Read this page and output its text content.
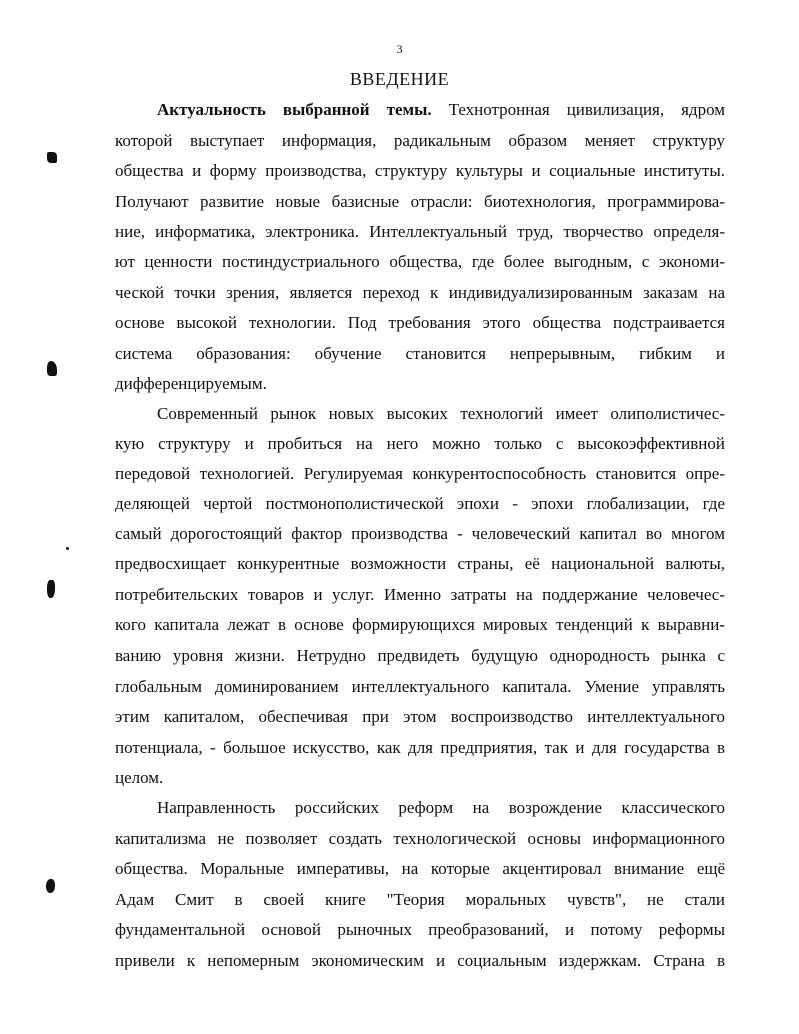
3
ВВЕДЕНИЕ
Актуальность выбранной темы. Технотронная цивилизация, ядром
которой выступает информация, радикальным образом меняет структуру
общества и форму производства, структуру культуры и социальные институты.
Получают развитие новые базисные отрасли: биотехнология, программирова-
ние, информатика, электроника. Интеллектуальный труд, творчество определя-
ют ценности постиндустриального общества, где более выгодным, с экономи-
ческой точки зрения, является переход к индивидуализированным заказам на
основе высокой технологии. Под требования этого общества подстраивается
система образования: обучение становится непрерывным, гибким и
дифференцируемым.
Современный рынок новых высоких технологий имеет олиполистичес-
кую структуру и пробиться на него можно только с высокоэффективной
передовой технологией. Регулируемая конкурентоспособность становится опре-
деляющей чертой постмонополистической эпохи - эпохи глобализации, где
самый дорогостоящий фактор производства - человеческий капитал во многом
предвосхищает конкурентные возможности страны, её национальной валюты,
потребительских товаров и услуг. Именно затраты на поддержание человечес-
кого капитала лежат в основе формирующихся мировых тенденций к выравни-
ванию уровня жизни. Нетрудно предвидеть будущую однородность рынка с
глобальным доминированием интеллектуального капитала. Умение управлять
этим капиталом, обеспечивая при этом воспроизводство интеллектуального
потенциала, - большое искусство, как для предприятия, так и для государства в
целом.
Направленность российских реформ на возрождение классического
капитализма не позволяет создать технологической основы информационного
общества. Моральные императивы, на которые акцентировал внимание ещё
Адам Смит в своей книге "Теория моральных чувств", не стали
фундаментальной основой рыночных преобразований, и потому реформы
привели к непомерным экономическим и социальным издержкам. Страна в
